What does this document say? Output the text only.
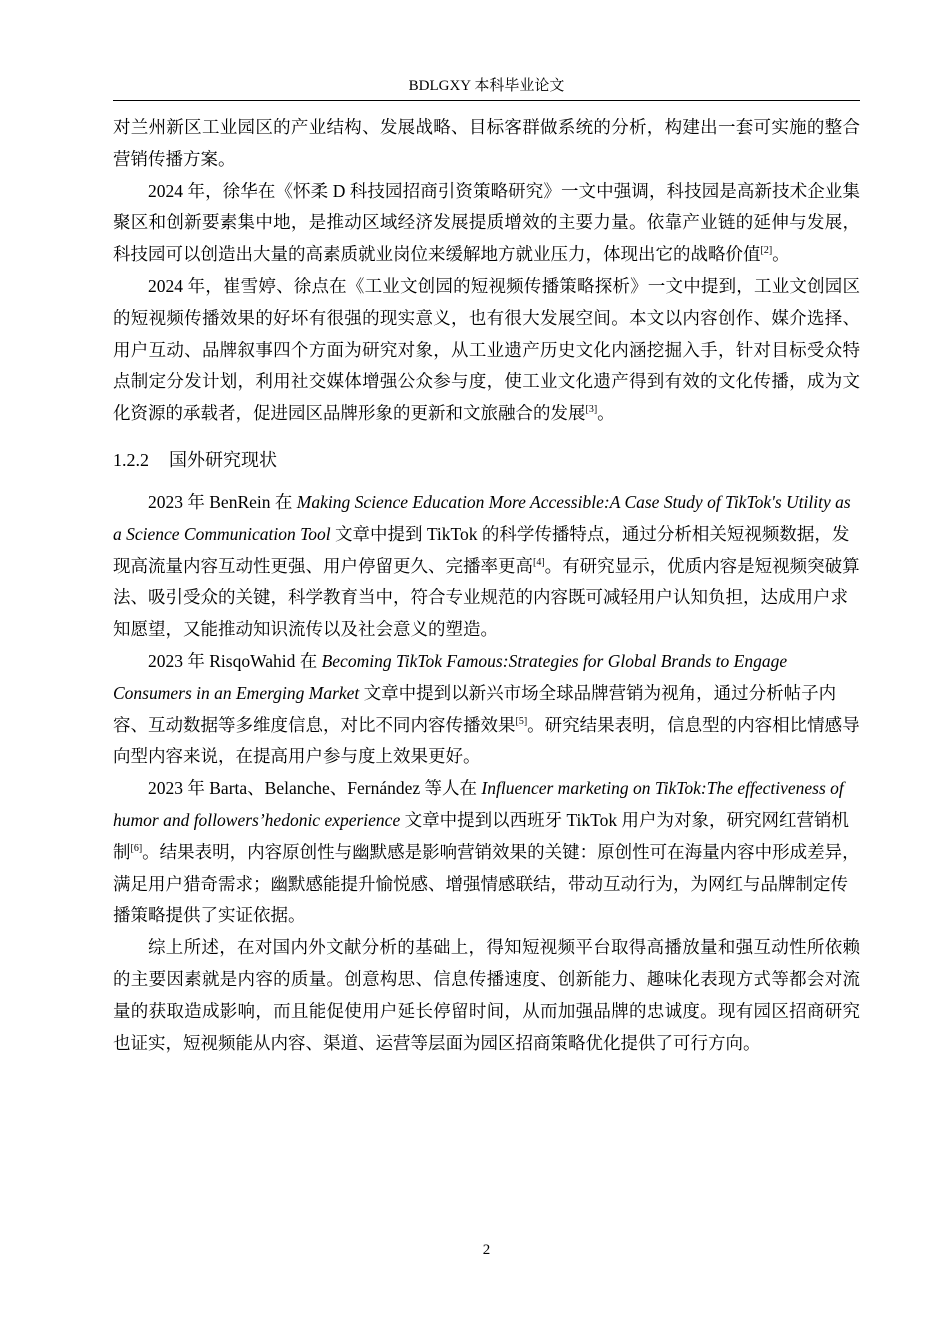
BDLGXY 本科毕业论文

对兰州新区工业园区的产业结构、发展战略、目标客群做系统的分析，构建出一套可实施的整合营销传播方案。

2024 年，徐华在《怀柔 D 科技园招商引资策略研究》一文中强调，科技园是高新技术企业集聚区和创新要素集中地，是推动区域经济发展提质增效的主要力量。依靠产业链的延伸与发展，科技园可以创造出大量的高素质就业岗位来缓解地方就业压力，体现出它的战略价值[2]。

2024 年，崔雪婷、徐点在《工业文创园的短视频传播策略探析》一文中提到，工业文创园区的短视频传播效果的好坏有很强的现实意义，也有很大发展空间。本文以内容创作、媒介选择、用户互动、品牌叙事四个方面为研究对象，从工业遗产历史文化内涵挖掘入手，针对目标受众特点制定分发计划，利用社交媒体增强公众参与度，使工业文化遗产得到有效的文化传播，成为文化资源的承载者，促进园区品牌形象的更新和文旅融合的发展[3]。

1.2.2 国外研究现状

2023 年 BenRein 在 Making Science Education More Accessible:A Case Study of TikTok's Utility as a Science Communication Tool 文章中提到 TikTok 的科学传播特点，通过分析相关短视频数据，发现高流量内容互动性更强、用户停留更久、完播率更高[4]。有研究显示，优质内容是短视频突破算法、吸引受众的关键，科学教育当中，符合专业规范的内容既可减轻用户认知负担，达成用户求知愿望，又能推动知识流传以及社会意义的塑造。

2023 年 RisqoWahid 在 Becoming TikTok Famous:Strategies for Global Brands to Engage Consumers in an Emerging Market 文章中提到以新兴市场全球品牌营销为视角，通过分析帖子内容、互动数据等多维度信息，对比不同内容传播效果[5]。研究结果表明，信息型的内容相比情感导向型内容来说，在提高用户参与度上效果更好。

2023 年 Barta、Belanche、Fernández 等人在 Influencer marketing on TikTok:The effectiveness of humor and followers’hedonic experience 文章中提到以西班牙 TikTok 用户为对象，研究网红营销机制[6]。结果表明，内容原创性与幽默感是影响营销效果的关键：原创性可在海量内容中形成差异，满足用户猎奇需求；幽默感能提升愉悦感、增强情感联结，带动互动行为，为网红与品牌制定传播策略提供了实证依据。

综上所述，在对国内外文献分析的基础上，得知短视频平台取得高播放量和强互动性所依赖的主要因素就是内容的质量。创意构思、信息传播速度、创新能力、趣味化表现方式等都会对流量的获取造成影响，而且能促使用户延长停留时间，从而加强品牌的忠诚度。现有园区招商研究也证实，短视频能从内容、渠道、运营等层面为园区招商策略优化提供了可行方向。

2
